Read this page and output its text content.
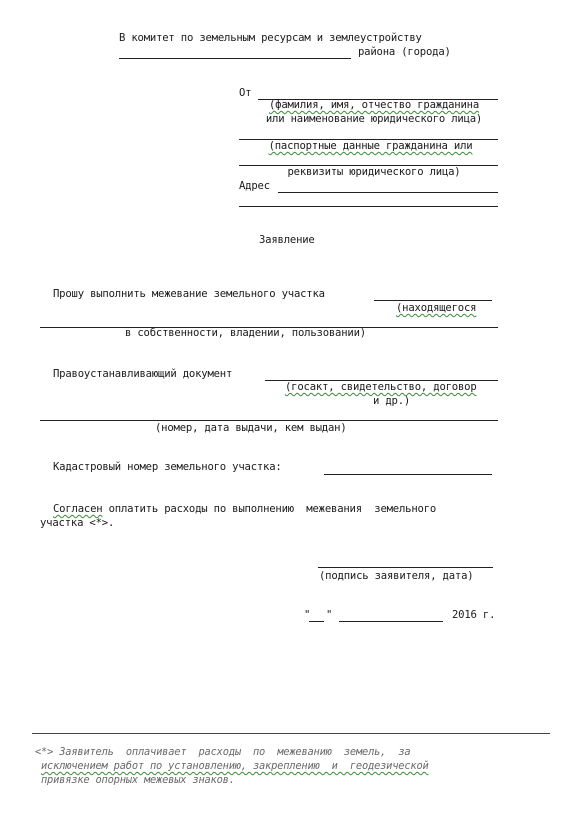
В комитет по земельным ресурсам и землеустройству
района (города)
От
(фамилия, имя, отчество гражданина
или наименование юридического лица)
(паспортные данные гражданина или
реквизиты юридического лица)
Адрес
Заявление
Прошу выполнить межевание земельного участка
(находящегося
в собственности, владении, пользовании)
Правоустанавливающий документ
(госакт, свидетельство, договор
и др.)
(номер, дата выдачи, кем выдан)
Кадастровый номер земельного участка:
Согласен оплатить расходы по выполнению  межевания  земельного
участка <*>.
(подпись заявителя, дата)
" "	2016 г.
<*> Заявитель  оплачивает  расходы  по  межеванию  земель,  за
исключением работ по установлению, закреплению  и  геодезической
привязке опорных межевых знаков.
